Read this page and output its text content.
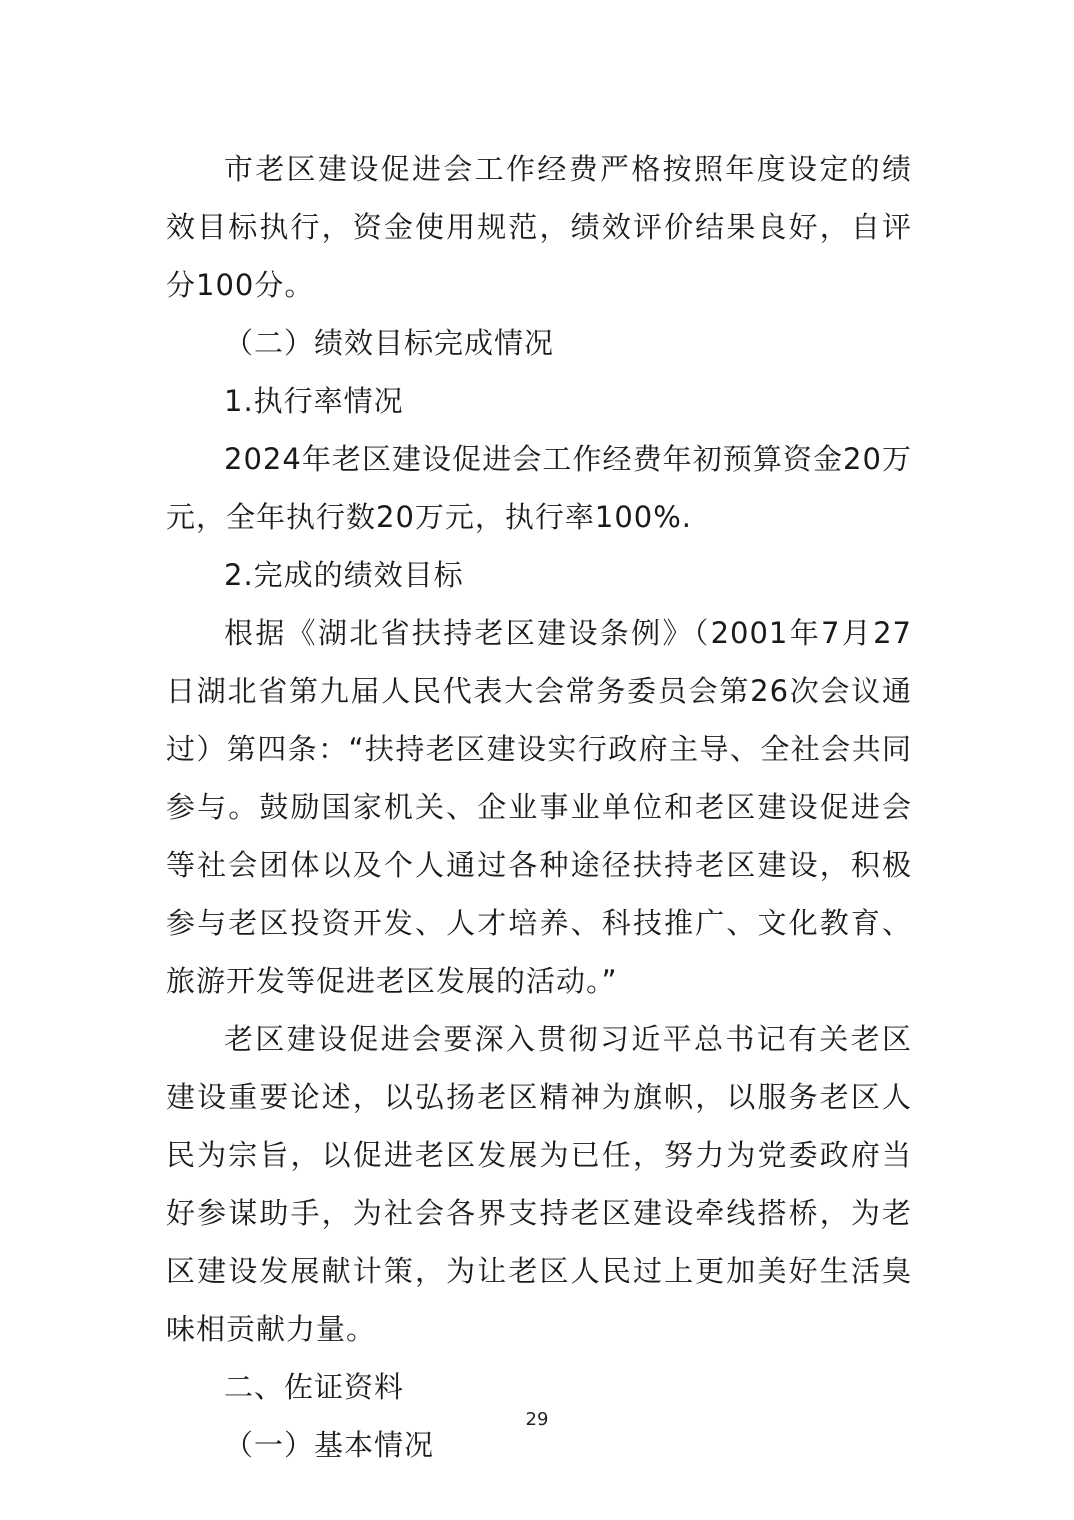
市老区建设促进会工作经费严格按照年度设定的绩效目标执行，资金使用规范，绩效评价结果良好，自评分100分。

（二）绩效目标完成情况

1.执行率情况

2024年老区建设促进会工作经费年初预算资金20万元，全年执行数20万元，执行率100%.

2.完成的绩效目标

根据《湖北省扶持老区建设条例》（2001年7月27日湖北省第九届人民代表大会常务委员会第26次会议通过）第四条：“扶持老区建设实行政府主导、全社会共同参与。鼓励国家机关、企业事业单位和老区建设促进会等社会团体以及个人通过各种途径扶持老区建设，积极参与老区投资开发、人才培养、科技推广、文化教育、旅游开发等促进老区发展的活动。”

老区建设促进会要深入贯彻习近平总书记有关老区建设重要论述，以弘扬老区精神为旗帜，以服务老区人民为宗旨，以促进老区发展为已任，努力为党委政府当好参谋助手，为社会各界支持老区建设牵线搭桥，为老区建设发展献计策，为让老区人民过上更加美好生活臭味相贡献力量。

二、佐证资料

（一）基本情况

29
